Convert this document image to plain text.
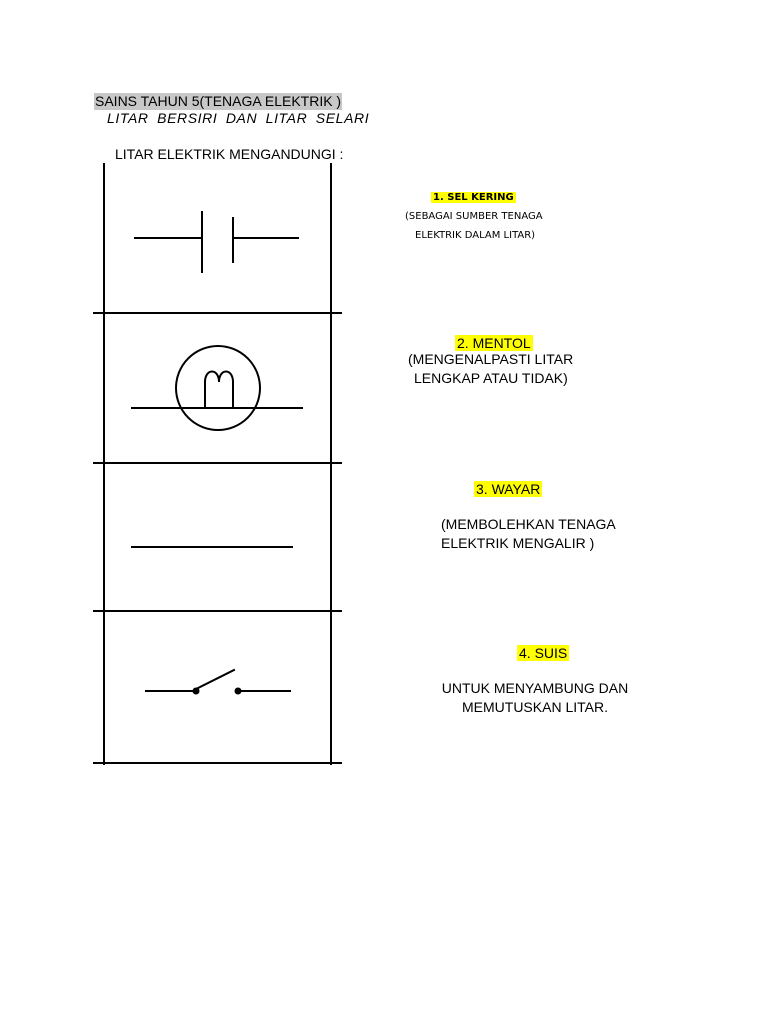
SAINS TAHUN 5(TENAGA ELEKTRIK )
LITAR BERSIRI DAN LITAR SELARI
LITAR ELEKTRIK MENGANDUNGI :
1. SEL KERING
(SEBAGAI SUMBER TENAGA
ELEKTRIK DALAM LITAR)
2. MENTOL
(MENGENALPASTI LITAR
LENGKAP ATAU TIDAK)
3. WAYAR
(MEMBOLEHKAN TENAGA
ELEKTRIK MENGALIR )
4. SUIS
UNTUK MENYAMBUNG DAN
MEMUTUSKAN LITAR.
